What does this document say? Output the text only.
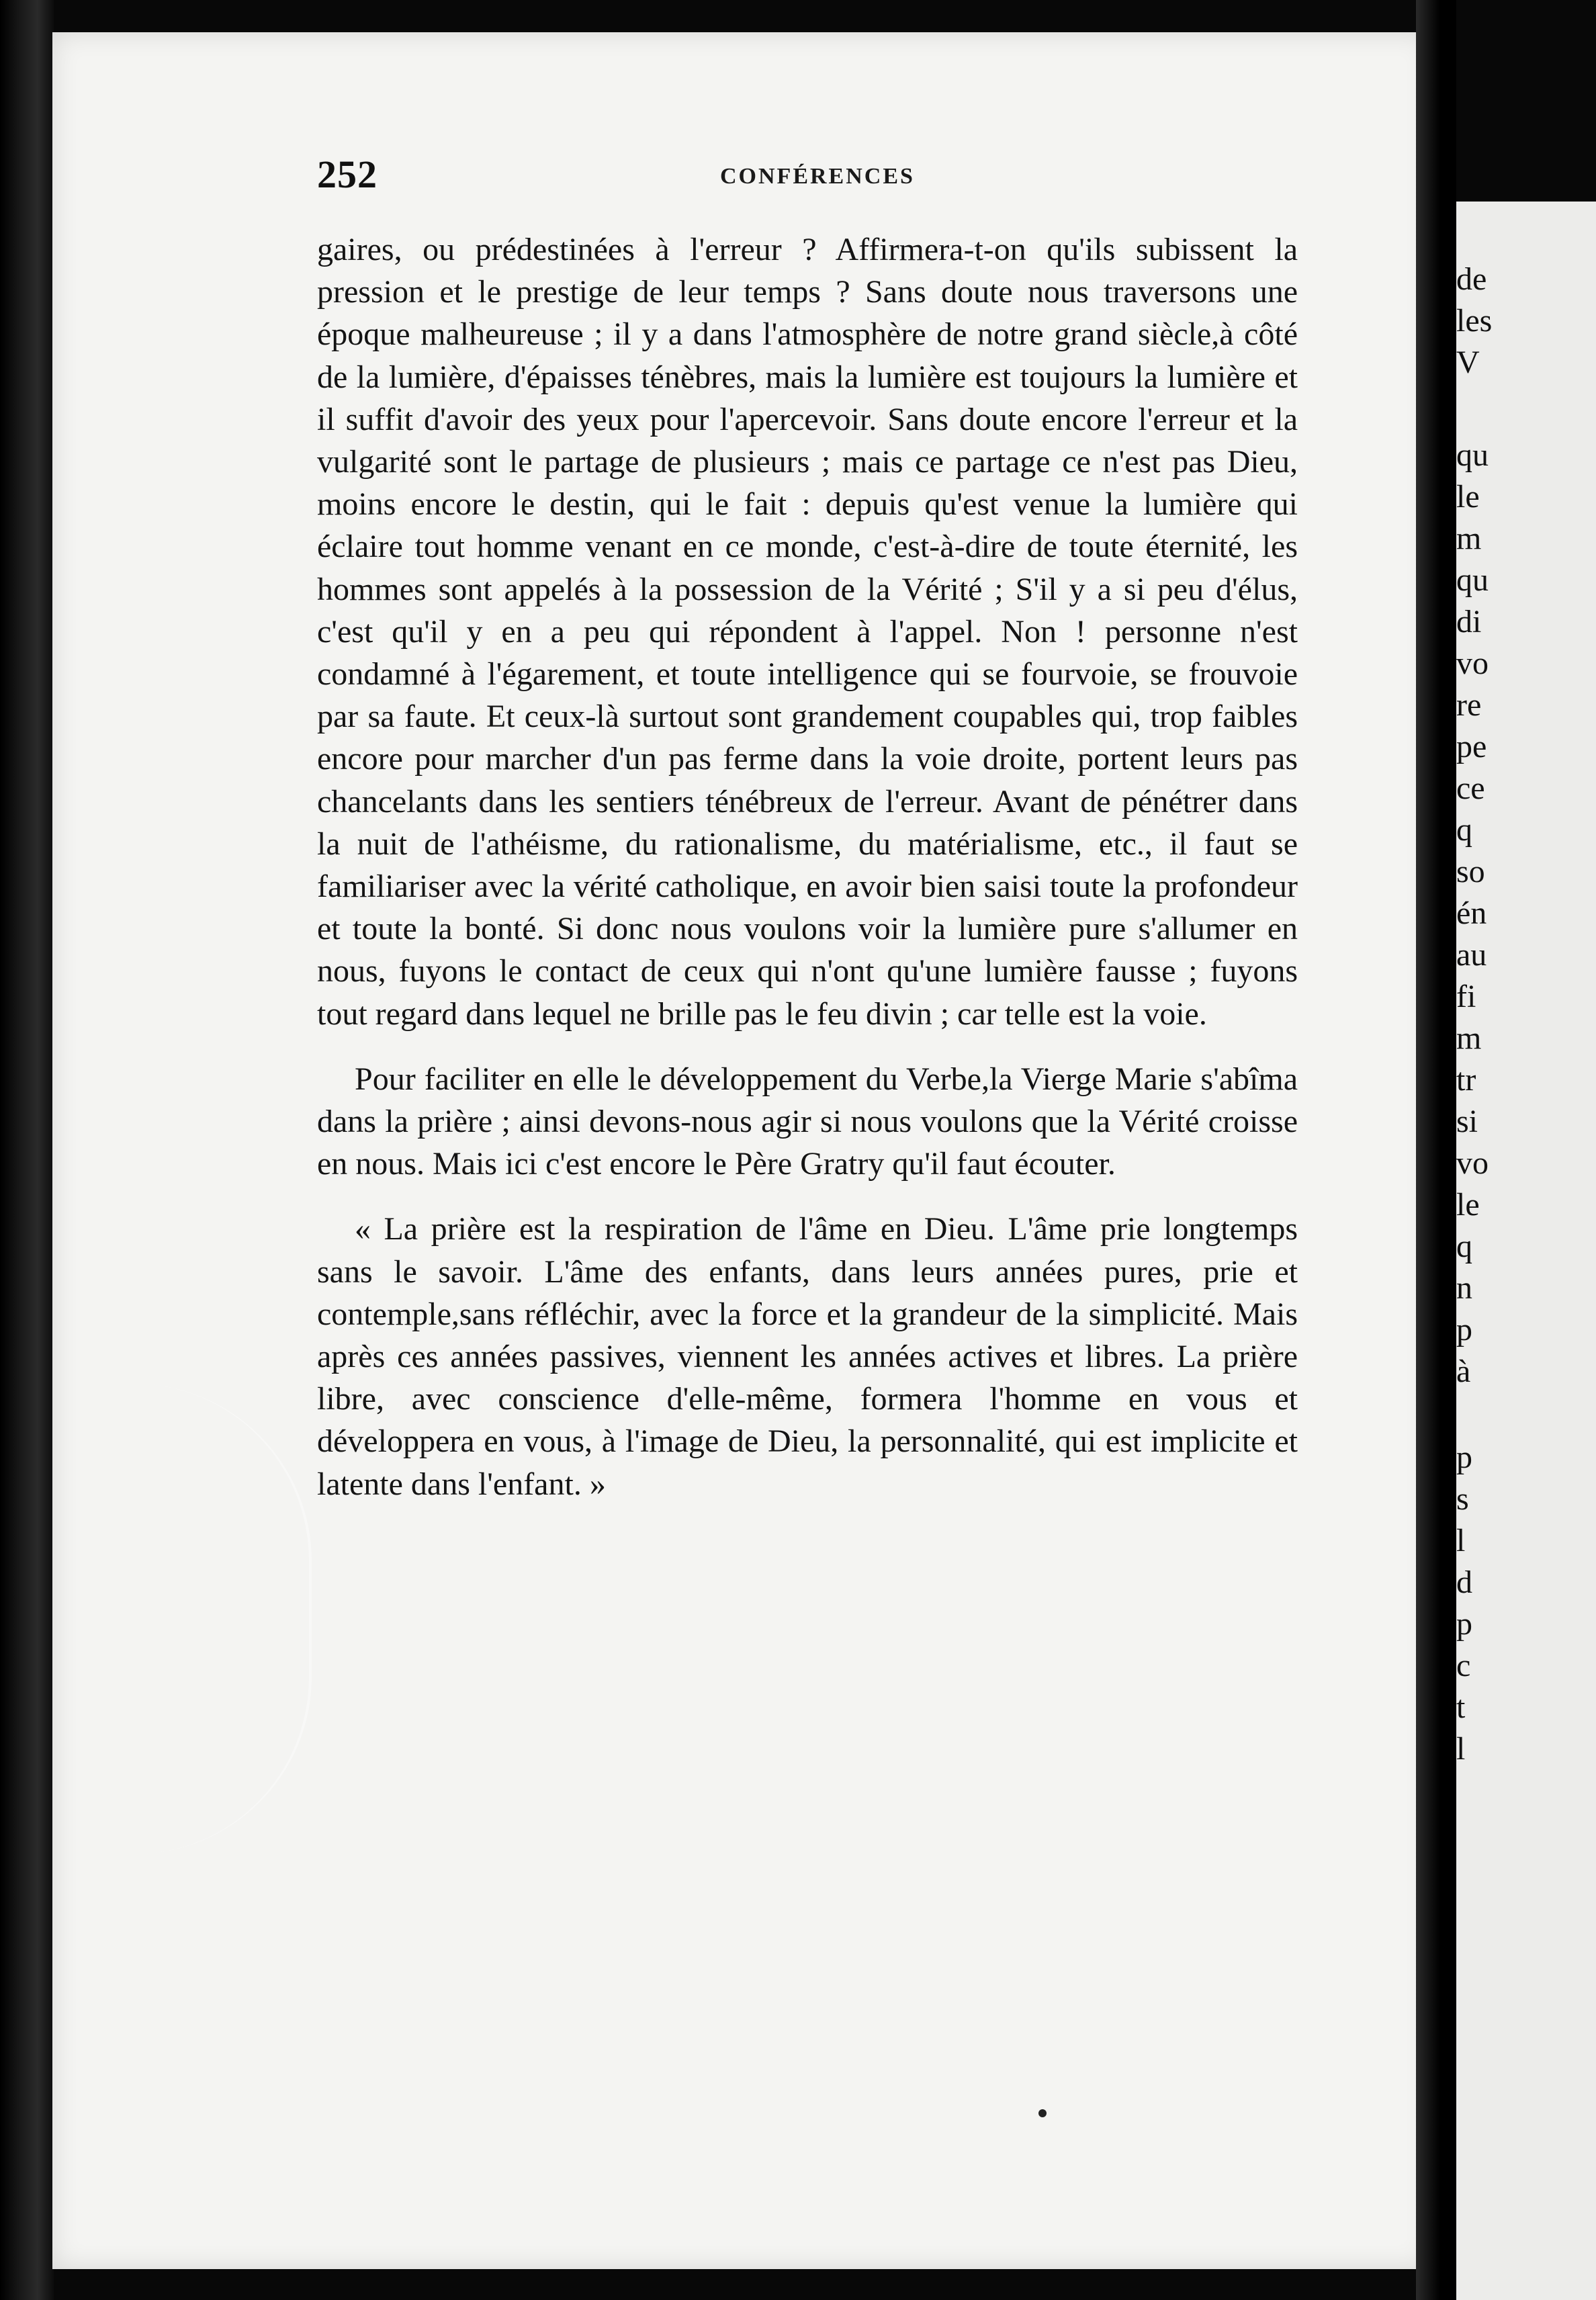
de
les
V
qu
le
m
qu
di
vo
re
pe
ce
q
so
én
au
fi
m
tr
si
vo
le
q
n
p
à
p
s
l
d
p
c
t
l
252	CONFÉRENCES

gaires, ou prédestinées à l'erreur ? Affirmera-t-on qu'ils subissent la pression et le prestige de leur temps ? Sans doute nous traversons une époque malheureuse ; il y a dans l'atmosphère de notre grand siècle,à côté de la lumière, d'épaisses ténèbres, mais la lumière est toujours la lumière et il suffit d'avoir des yeux pour l'apercevoir. Sans doute encore l'erreur et la vulgarité sont le partage de plusieurs ; mais ce partage ce n'est pas Dieu, moins encore le destin, qui le fait : depuis qu'est venue la lumière qui éclaire tout homme venant en ce monde, c'est-à-dire de toute éternité, les hommes sont appelés à la possession de la Vérité ; S'il y a si peu d'élus, c'est qu'il y en a peu qui répondent à l'appel. Non ! personne n'est condamné à l'égarement, et toute intelligence qui se fourvoie, se frouvoie par sa faute. Et ceux-là surtout sont grandement coupables qui, trop faibles encore pour marcher d'un pas ferme dans la voie droite, portent leurs pas chancelants dans les sentiers ténébreux de l'erreur. Avant de pénétrer dans la nuit de l'athéisme, du rationalisme, du matérialisme, etc., il faut se familiariser avec la vérité catholique, en avoir bien saisi toute la profondeur et toute la bonté. Si donc nous voulons voir la lumière pure s'allumer en nous, fuyons le contact de ceux qui n'ont qu'une lumière fausse ; fuyons tout regard dans lequel ne brille pas le feu divin ; car telle est la voie.

Pour faciliter en elle le développement du Verbe,la Vierge Marie s'abîma dans la prière ; ainsi devons-nous agir si nous voulons que la Vérité croisse en nous. Mais ici c'est encore le Père Gratry qu'il faut écouter.

« La prière est la respiration de l'âme en Dieu. L'âme prie longtemps sans le savoir. L'âme des enfants, dans leurs années pures, prie et contemple,sans réfléchir, avec la force et la grandeur de la simplicité. Mais après ces années passives, viennent les années actives et libres. La prière libre, avec conscience d'elle-même, formera l'homme en vous et développera en vous, à l'image de Dieu, la personnalité, qui est implicite et latente dans l'enfant. »
